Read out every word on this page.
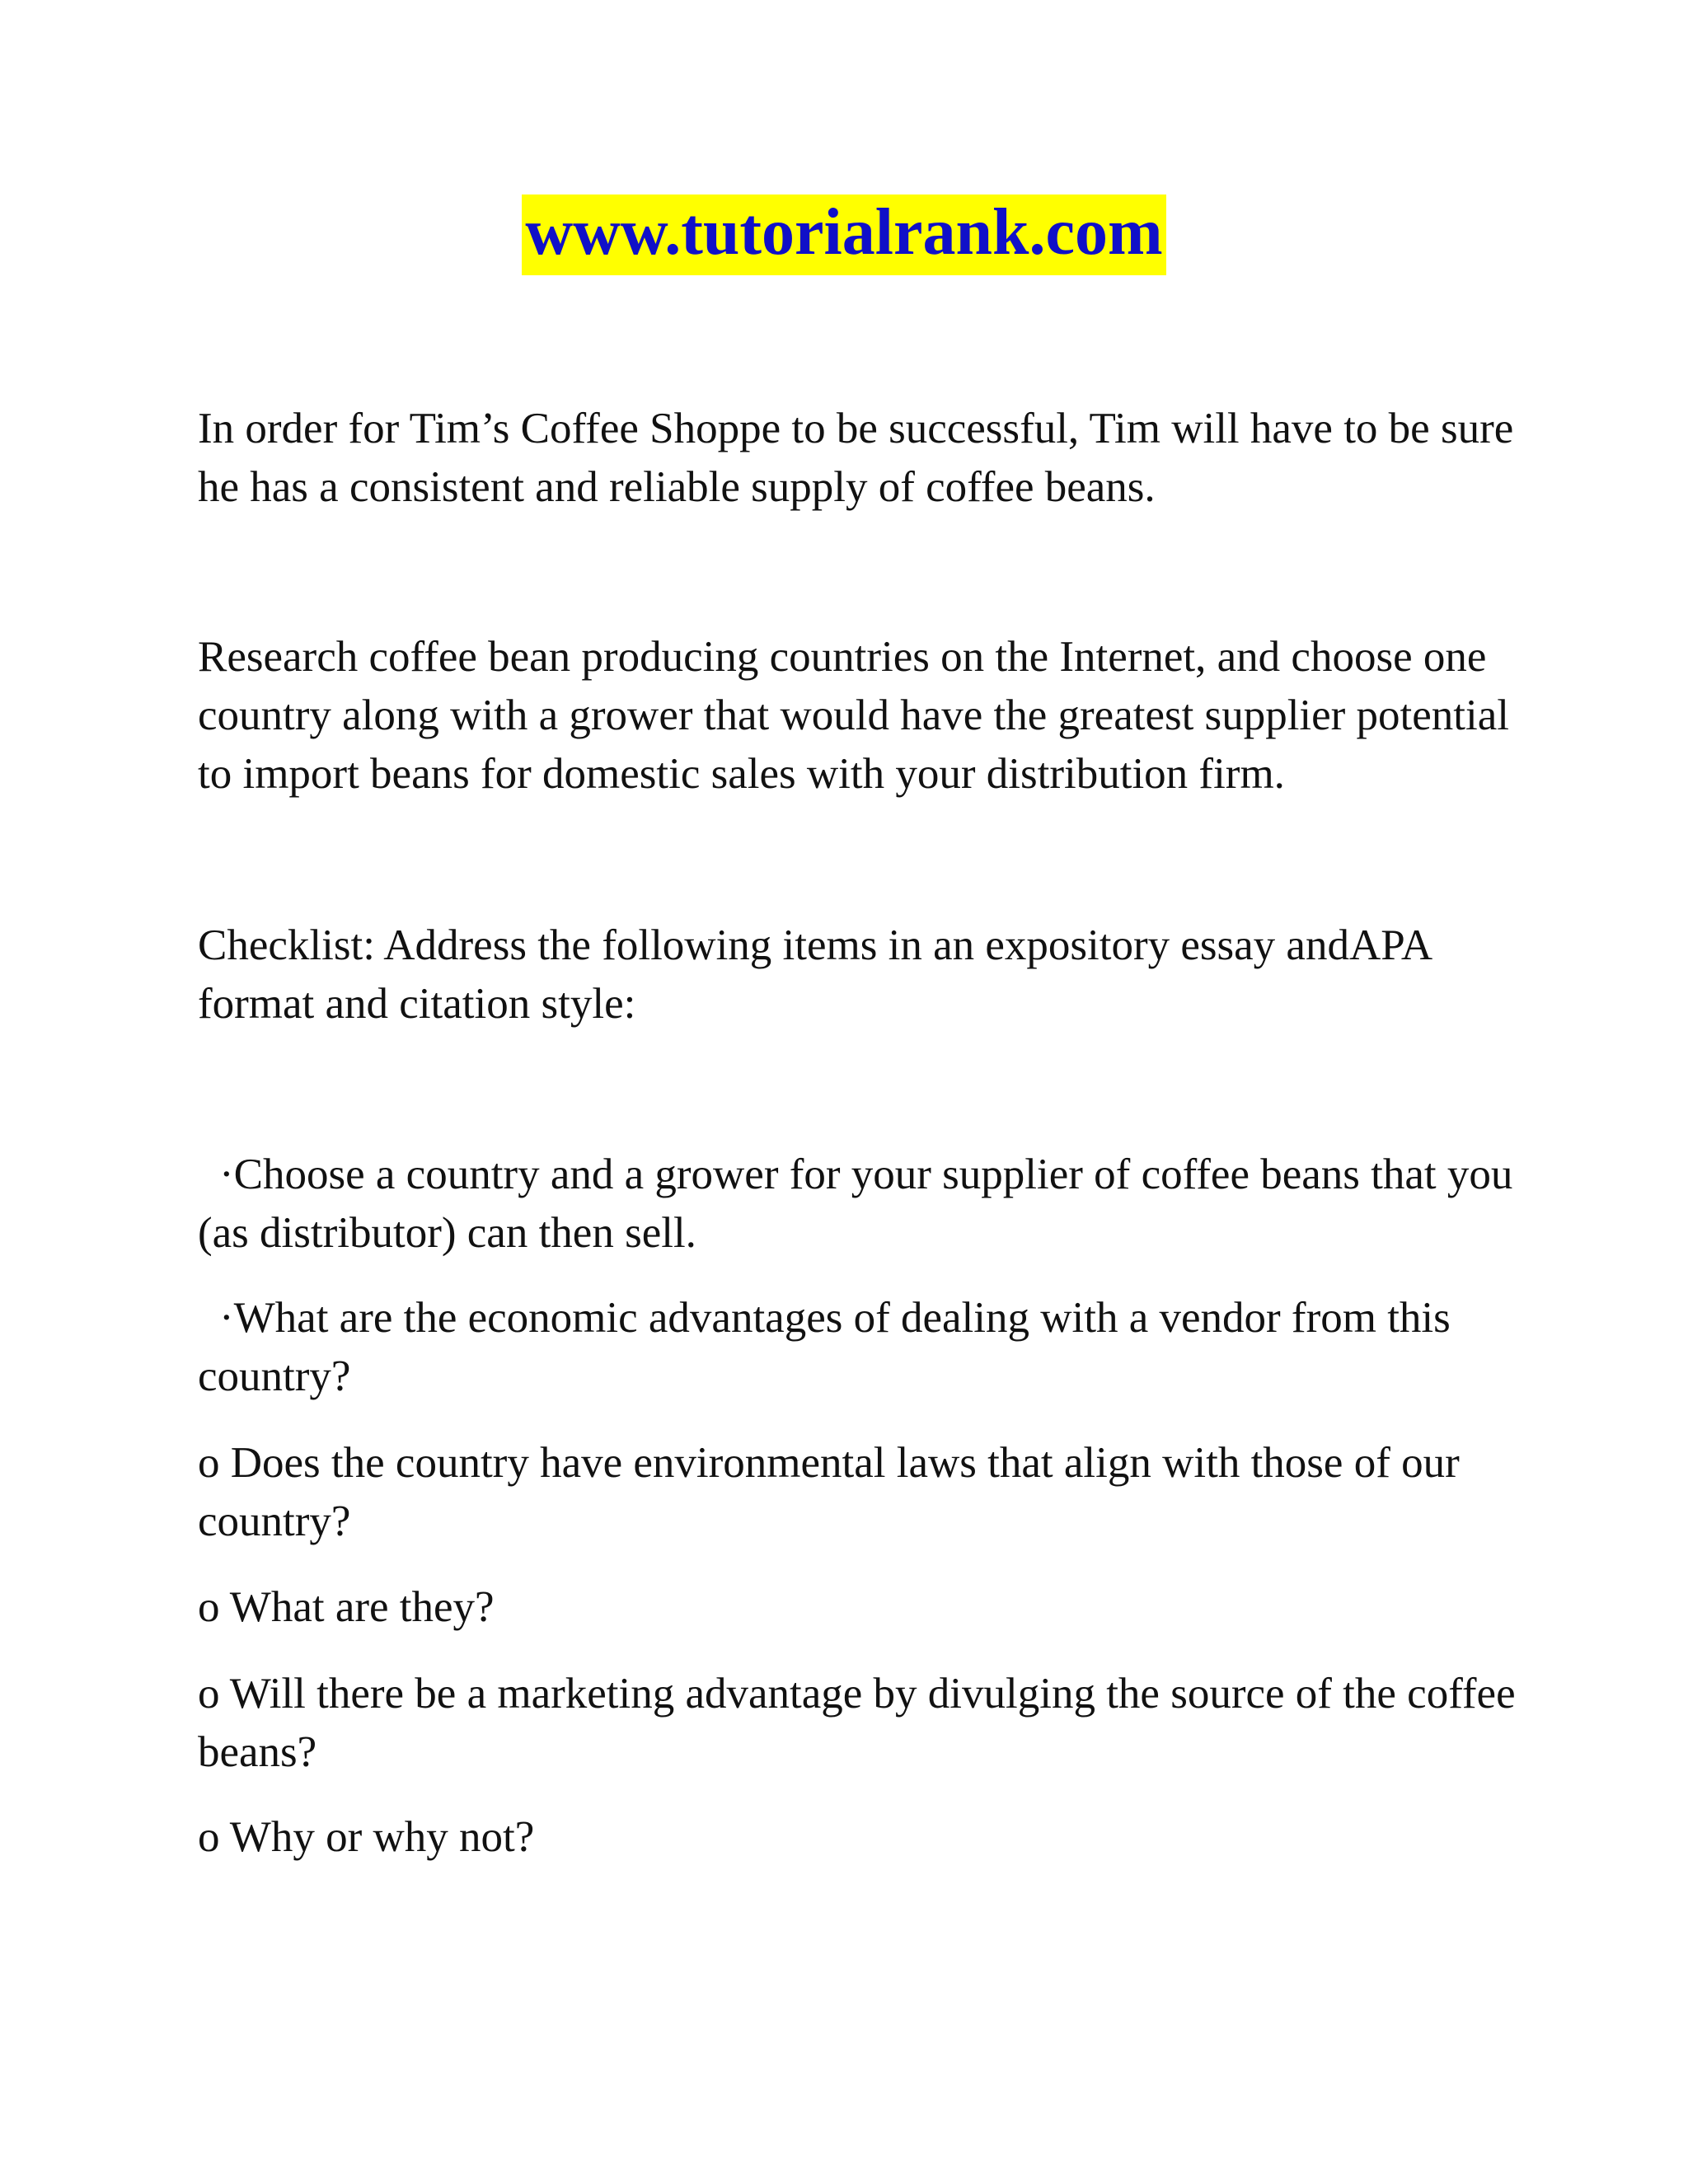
www.tutorialrank.com

In order for Tim’s Coffee Shoppe to be successful, Tim will have to be sure he has a consistent and reliable supply of coffee beans.

Research coffee bean producing countries on the Internet, and choose one country along with a grower that would have the greatest supplier potential to import beans for domestic sales with your distribution firm.

Checklist: Address the following items in an expository essay andAPA format and citation style:

·Choose a country and a grower for your supplier of coffee beans that you (as distributor) can then sell.

·What are the economic advantages of dealing with a vendor from this country?

o Does the country have environmental laws that align with those of our country?

o What are they?

o Will there be a marketing advantage by divulging the source of the coffee beans?

o Why or why not?
